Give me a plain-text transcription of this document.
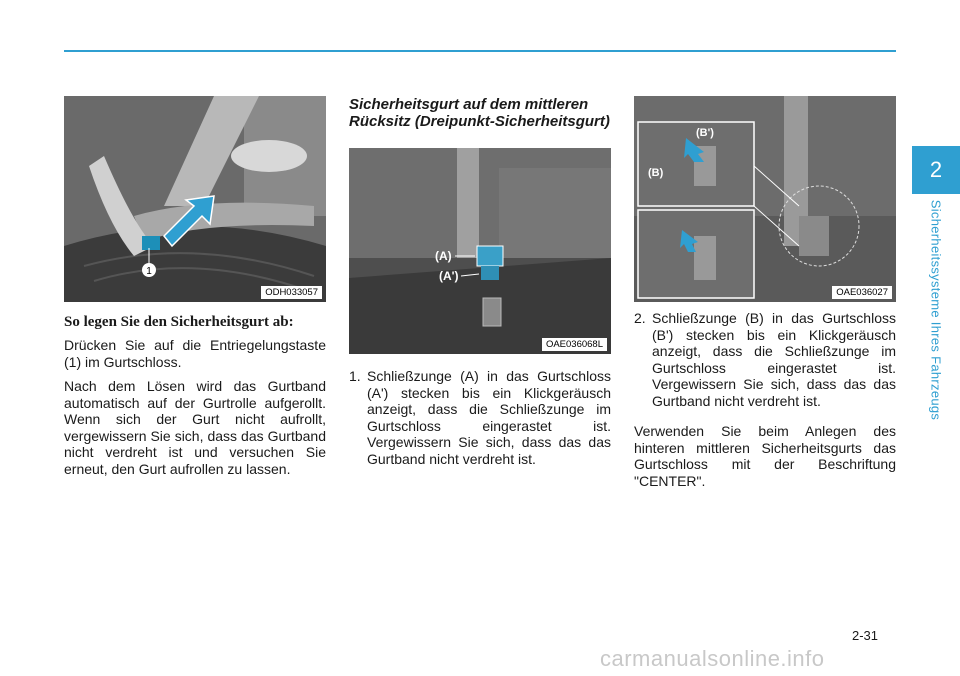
1
ODH033057
So legen Sie den Sicherheitsgurt ab:

Drücken Sie auf die Entriegelungstaste (1) im Gurtschloss.

Nach dem Lösen wird das Gurtband automatisch auf der Gurtrolle aufgerollt. Wenn sich der Gurt nicht aufrollt, vergewissern Sie sich, dass das Gurtband nicht verdreht ist und versuchen Sie erneut, den Gurt aufrollen zu lassen.

Sicherheitsgurt auf dem mittleren Rücksitz (Dreipunkt-Sicherheitsgurt)
(A)
(A')
OAE036068L
1. Schließzunge (A) in das Gurtschloss (A') stecken bis ein Klickgeräusch anzeigt, dass die Schließzunge im Gurtschloss eingerastet ist. Vergewissern Sie sich, dass das das Gurtband nicht verdreht ist.
(B')
(B)
OAE036027
2. Schließzunge (B) in das Gurtschloss (B') stecken bis ein Klickgeräusch anzeigt, dass die Schließzunge im Gurtschloss eingerastet ist. Vergewissern Sie sich, dass das das Gurtband nicht verdreht ist.

Verwenden Sie beim Anlegen des hinteren mittleren Sicherheitsgurts das Gurtschloss mit der Beschriftung "CENTER".

2
Sicherheitssysteme Ihres Fahrzeugs
2-31
carmanualsonline.info
